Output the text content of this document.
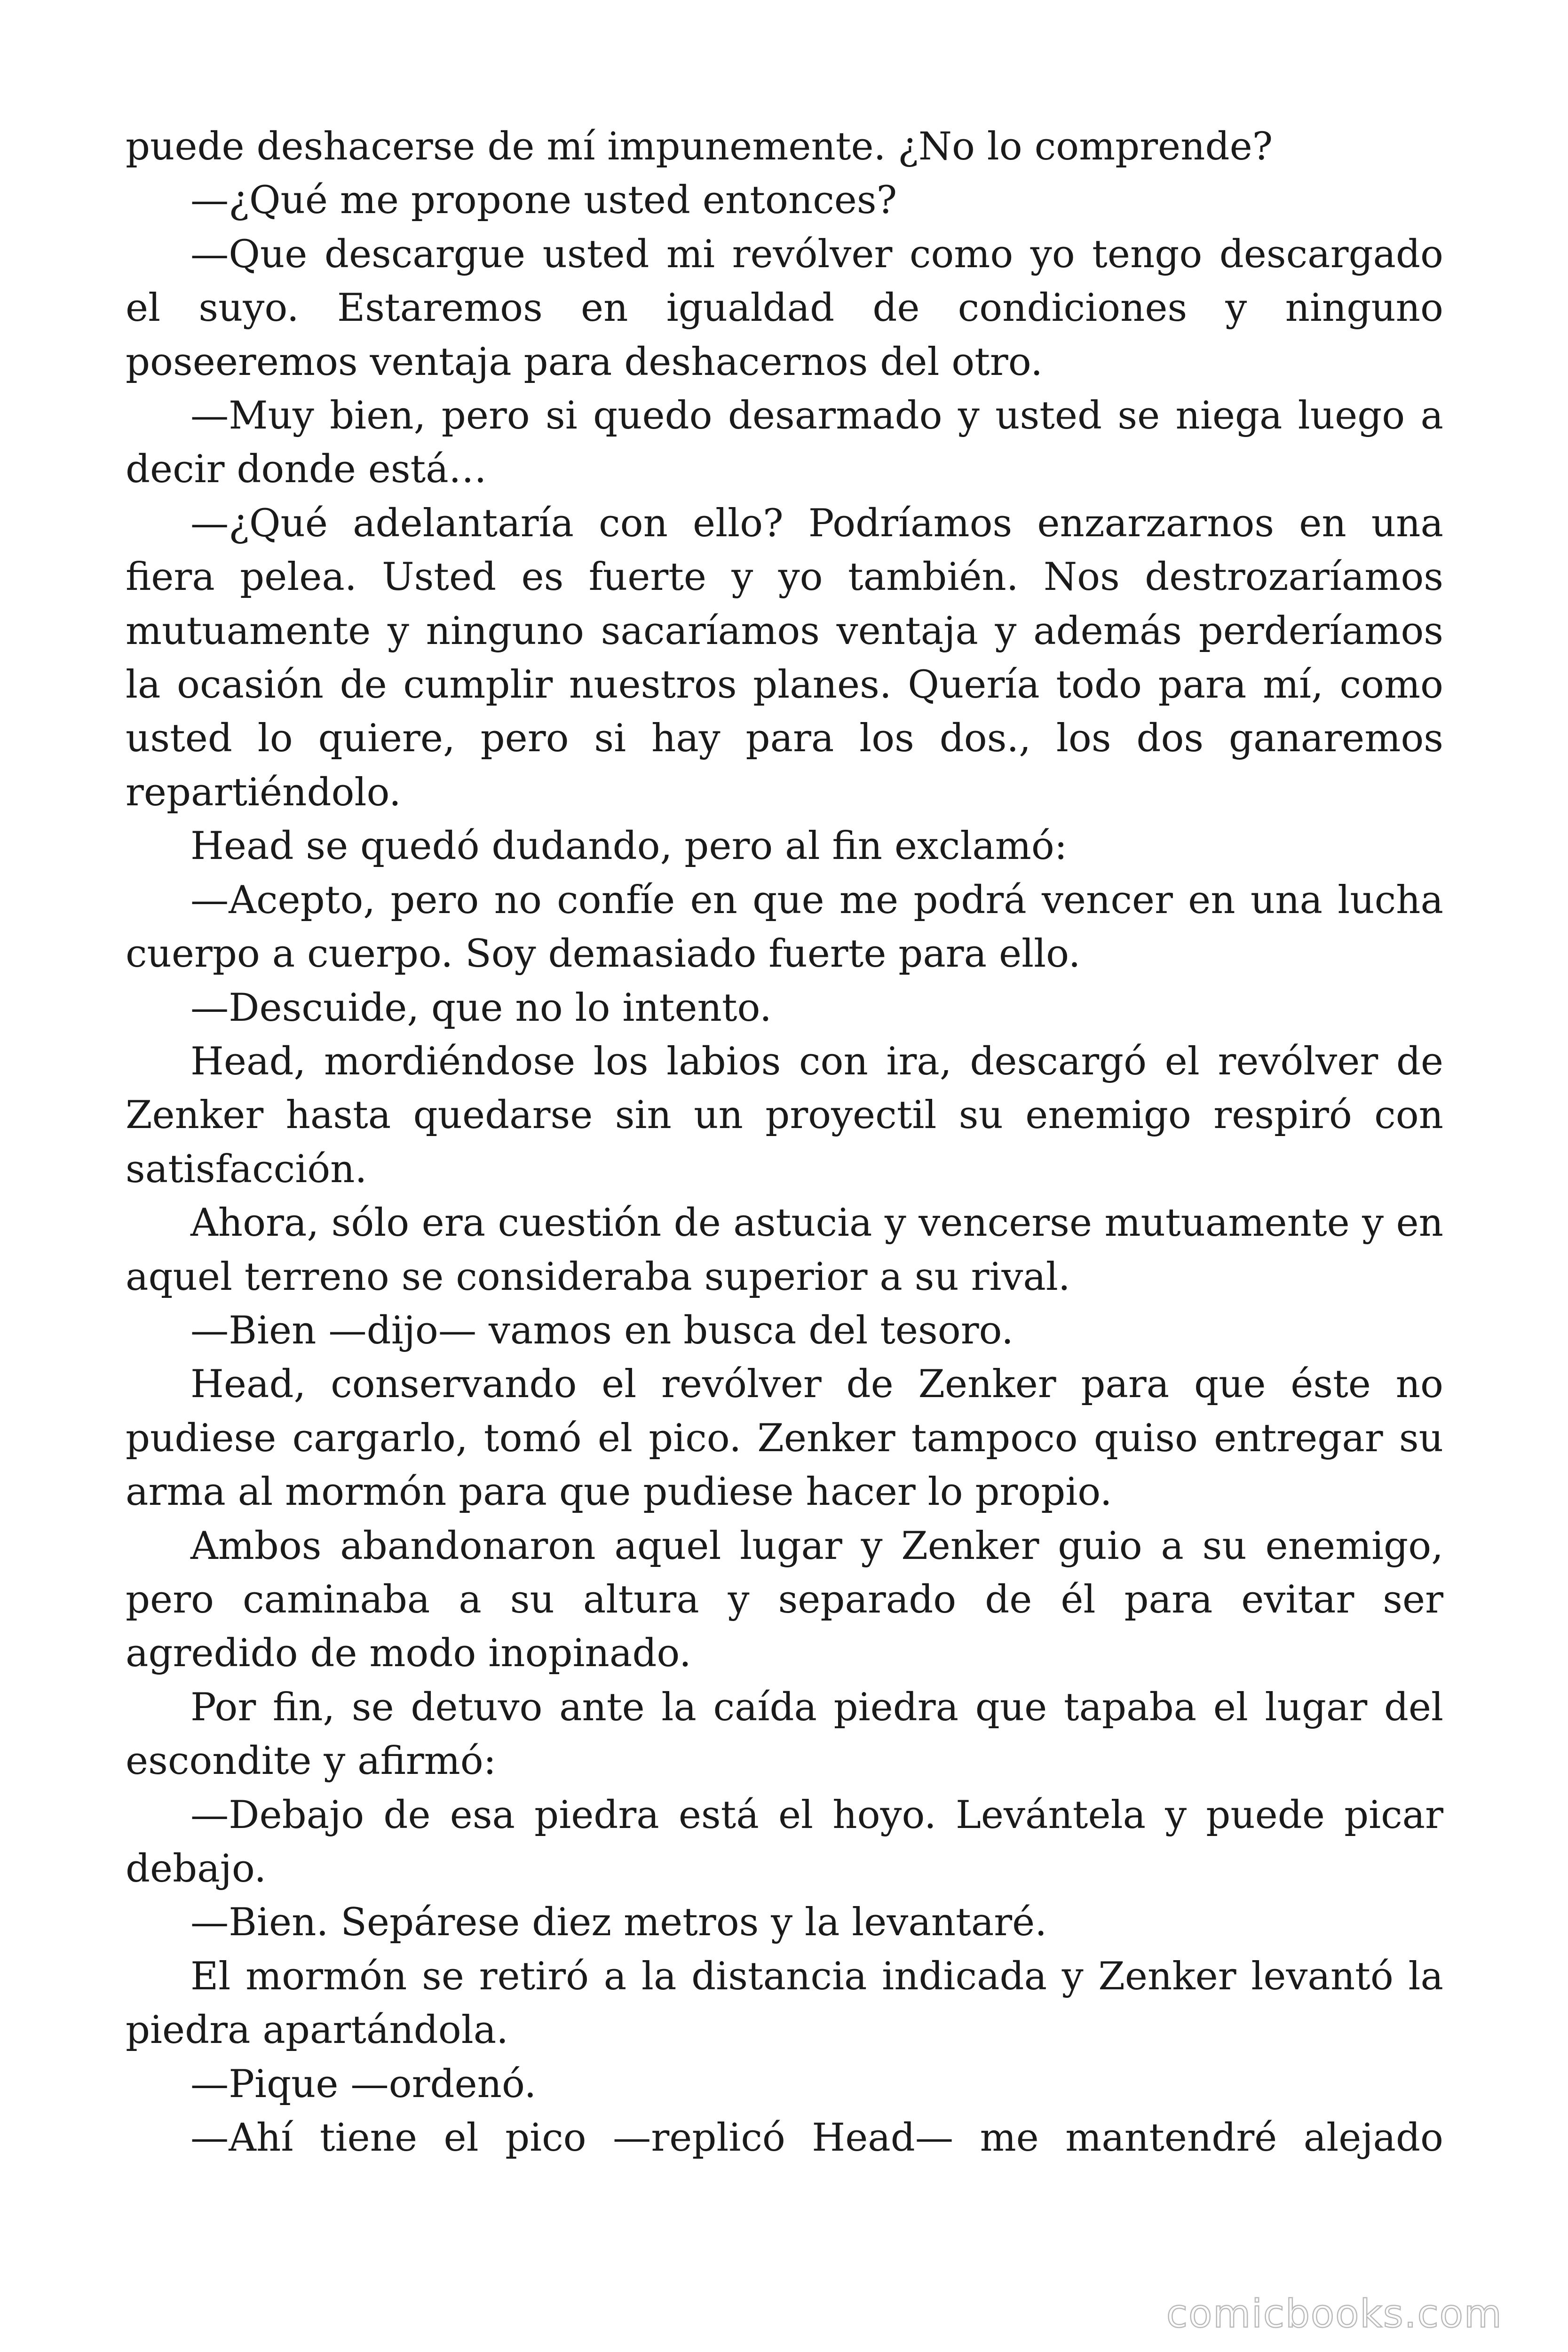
puede deshacerse de mí impunemente. ¿No lo comprende?

—¿Qué me propone usted entonces?

—Que descargue usted mi revólver como yo tengo descargado el suyo. Estaremos en igualdad de condiciones y ninguno poseeremos ventaja para deshacernos del otro.

—Muy bien, pero si quedo desarmado y usted se niega luego a decir donde está…

—¿Qué adelantaría con ello? Podríamos enzarzarnos en una fiera pelea. Usted es fuerte y yo también. Nos destrozaríamos mutuamente y ninguno sacaríamos ventaja y además perderíamos la ocasión de cumplir nuestros planes. Quería todo para mí, como usted lo quiere, pero si hay para los dos., los dos ganaremos repartiéndolo.

Head se quedó dudando, pero al fin exclamó:

—Acepto, pero no confíe en que me podrá vencer en una lucha cuerpo a cuerpo. Soy demasiado fuerte para ello.

—Descuide, que no lo intento.

Head, mordiéndose los labios con ira, descargó el revólver de Zenker hasta quedarse sin un proyectil su enemigo respiró con satisfacción.

Ahora, sólo era cuestión de astucia y vencerse mutuamente y en aquel terreno se consideraba superior a su rival.

—Bien —dijo— vamos en busca del tesoro.

Head, conservando el revólver de Zenker para que éste no pudiese cargarlo, tomó el pico. Zenker tampoco quiso entregar su arma al mormón para que pudiese hacer lo propio.

Ambos abandonaron aquel lugar y Zenker guio a su enemigo, pero caminaba a su altura y separado de él para evitar ser agredido de modo inopinado.

Por fin, se detuvo ante la caída piedra que tapaba el lugar del escondite y afirmó:

—Debajo de esa piedra está el hoyo. Levántela y puede picar debajo.

—Bien. Sepárese diez metros y la levantaré.

El mormón se retiró a la distancia indicada y Zenker levantó la piedra apartándola.

—Pique —ordenó.

—Ahí tiene el pico —replicó Head— me mantendré alejado

comicbooks.com
